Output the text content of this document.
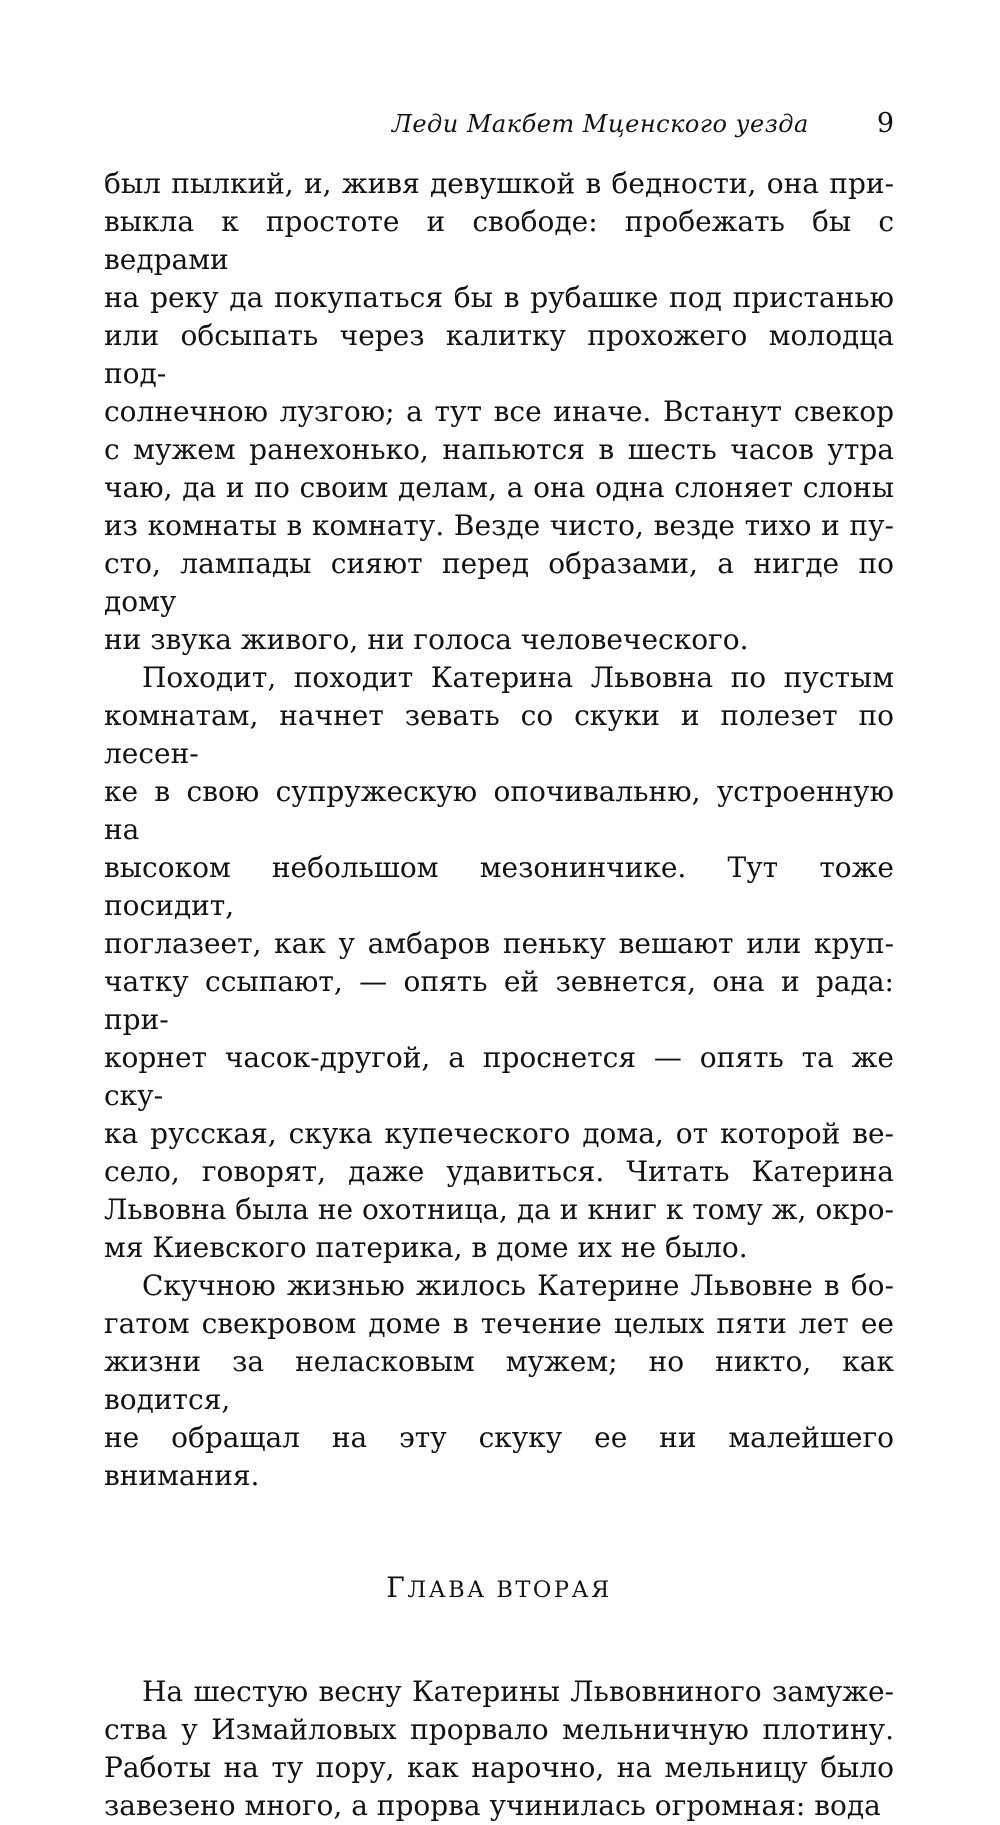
Леди Макбет Мценского уезда	9
был пылкий, и, живя девушкой в бедности, она при-
выкла к простоте и свободе: пробежать бы с ведрами
на реку да покупаться бы в рубашке под пристанью
или обсыпать через калитку прохожего молодца под-
солнечною лузгою; а тут все иначе. Встанут свекор
с мужем ранехонько, напьются в шесть часов утра
чаю, да и по своим делам, а она одна слоняет слоны
из комнаты в комнату. Везде чисто, везде тихо и пу-
сто, лампады сияют перед образами, а нигде по дому
ни звука живого, ни голоса человеческого.
Походит, походит Катерина Львовна по пустым
комнатам, начнет зевать со скуки и полезет по лесен-
ке в свою супружескую опочивальню, устроенную на
высоком небольшом мезонинчике. Тут тоже посидит,
поглазеет, как у амбаров пеньку вешают или круп-
чатку ссыпают, — опять ей зевнется, она и рада: при-
корнет часок-другой, а проснется — опять та же ску-
ка русская, скука купеческого дома, от которой ве-
село, говорят, даже удавиться. Читать Катерина
Львовна была не охотница, да и книг к тому ж, окро-
мя Киевского патерика, в доме их не было.
Скучною жизнью жилось Катерине Львовне в бо-
гатом свекровом доме в течение целых пяти лет ее
жизни за неласковым мужем; но никто, как водится,
не обращал на эту скуку ее ни малейшего внимания.
ГЛАВА ВТОРАЯ
На шестую весну Катерины Львовниного замуже-
ства у Измайловых прорвало мельничную плотину.
Работы на ту пору, как нарочно, на мельницу было
завезено много, а прорва учинилась огромная: вода
